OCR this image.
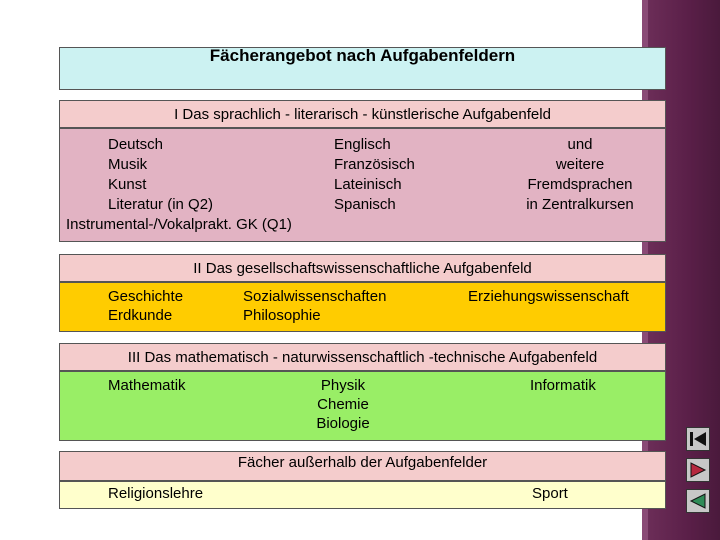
Fächerangebot nach Aufgabenfeldern
I Das sprachlich - literarisch - künstlerische Aufgabenfeld
Deutsch
Musik
Kunst
Literatur (in Q2)
Instrumental-/Vokalprakt. GK (Q1)
Englisch
Französisch
Lateinisch
Spanisch
und
weitere
Fremdsprachen
in Zentralkursen
II Das gesellschaftswissenschaftliche Aufgabenfeld
Geschichte
Erdkunde
Sozialwissenschaften
Philosophie
Erziehungswissenschaft
III Das mathematisch - naturwissenschaftlich -technische Aufgabenfeld
Mathematik	Physik
Chemie
Biologie
Informatik
Fächer außerhalb der Aufgabenfelder
Religionslehre	Sport
